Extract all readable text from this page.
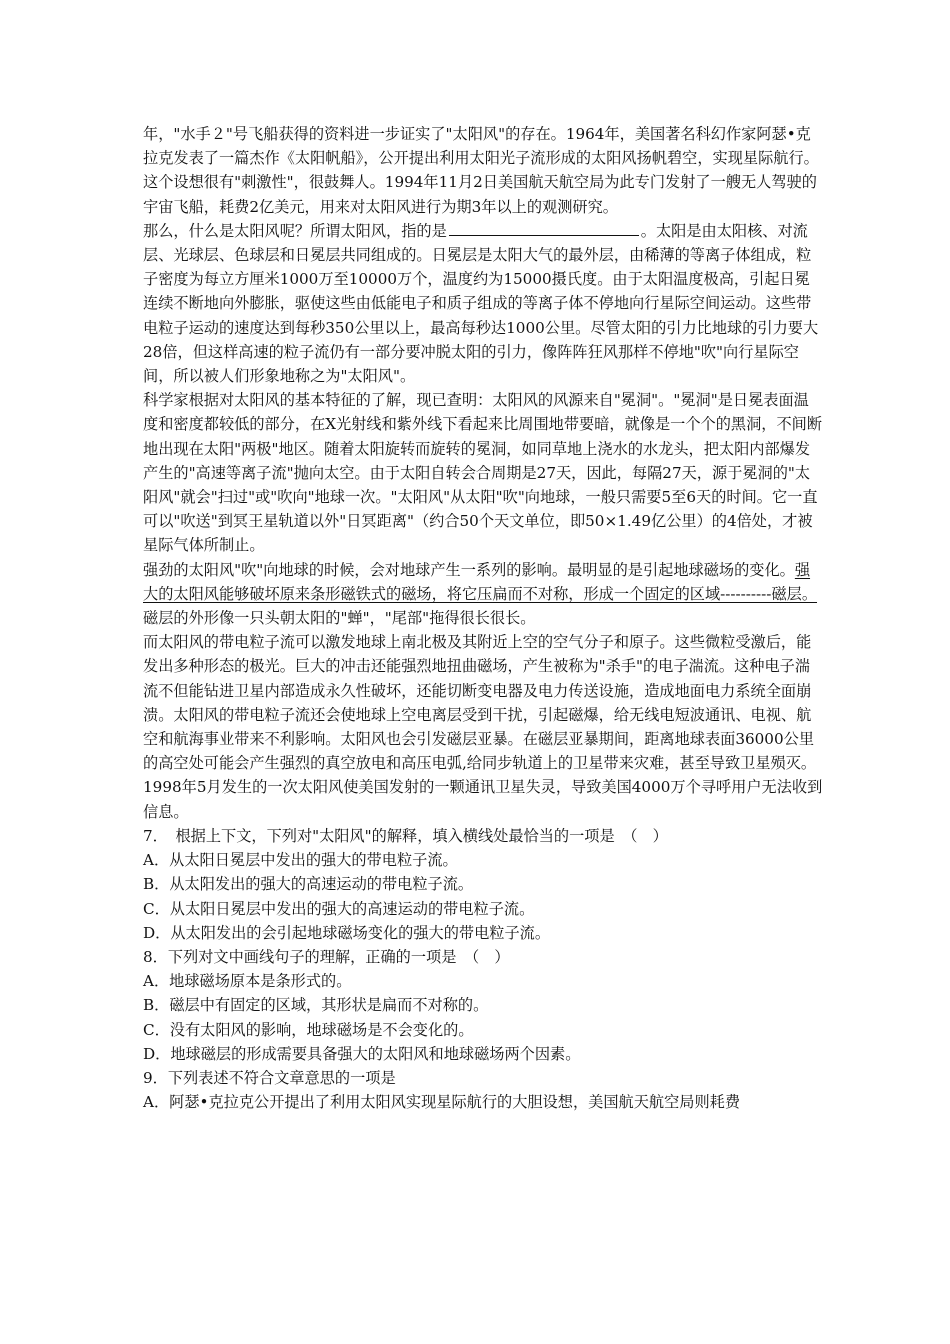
年，"水手２"号飞船获得的资料进一步证实了"太阳风"的存在。1964年，美国著名科幻作家阿瑟•克拉克发表了一篇杰作《太阳帆船》，公开提出利用太阳光子流形成的太阳风扬帆碧空，实现星际航行。这个设想很有"刺激性"，很鼓舞人。1994年11月2日美国航天航空局为此专门发射了一艘无人驾驶的宇宙飞船，耗费2亿美元，用来对太阳风进行为期3年以上的观测研究。

那么，什么是太阳风呢？所谓太阳风，指的是	。太阳是由太阳核、对流层、光球层、色球层和日冕层共同组成的。日冕层是太阳大气的最外层，由稀薄的等离子体组成，粒子密度为每立方厘米1000万至10000万个，温度约为15000摄氏度。由于太阳温度极高，引起日冕连续不断地向外膨胀，驱使这些由低能电子和质子组成的等离子体不停地向行星际空间运动。这些带电粒子运动的速度达到每秒350公里以上，最高每秒达1000公里。尽管太阳的引力比地球的引力要大28倍，但这样高速的粒子流仍有一部分要冲脱太阳的引力，像阵阵狂风那样不停地"吹"向行星际空间，所以被人们形象地称之为"太阳风"。

科学家根据对太阳风的基本特征的了解，现已查明：太阳风的风源来自"冕洞"。"冕洞"是日冕表面温度和密度都较低的部分，在X光射线和紫外线下看起来比周围地带要暗，就像是一个个的黑洞，不间断地出现在太阳"两极"地区。随着太阳旋转而旋转的冕洞，如同草地上浇水的水龙头，把太阳内部爆发产生的"高速等离子流"抛向太空。由于太阳自转会合周期是27天，因此，每隔27天，源于冕洞的"太阳风"就会"扫过"或"吹向"地球一次。"太阳风"从太阳"吹"向地球，一般只需要5至6天的时间。它一直可以"吹送"到冥王星轨道以外"日冥距离"（约合50个天文单位，即50×1.49亿公里）的4倍处，才被星际气体所制止。

强劲的太阳风"吹"向地球的时候，会对地球产生一系列的影响。最明显的是引起地球磁场的变化。强大的太阳风能够破坏原来条形磁铁式的磁场，将它压扁而不对称，形成一个固定的区域----------磁层。磁层的外形像一只头朝太阳的"蝉"，"尾部"拖得很长很长。

而太阳风的带电粒子流可以激发地球上南北极及其附近上空的空气分子和原子。这些微粒受激后，能发出多种形态的极光。巨大的冲击还能强烈地扭曲磁场，产生被称为"杀手"的电子湍流。这种电子湍流不但能钻进卫星内部造成永久性破坏，还能切断变电器及电力传送设施，造成地面电力系统全面崩溃。太阳风的带电粒子流还会使地球上空电离层受到干扰，引起磁爆，给无线电短波通讯、电视、航空和航海事业带来不利影响。太阳风也会引发磁层亚暴。在磁层亚暴期间，距离地球表面36000公里的高空处可能会产生强烈的真空放电和高压电弧,给同步轨道上的卫星带来灾难，甚至导致卫星殒灭。1998年5月发生的一次太阳风使美国发射的一颗通讯卫星失灵，导致美国4000万个寻呼用户无法收到信息。

7．　根据上下文，下列对"太阳风"的解释，填入横线处最恰当的一项是　（　）

A．从太阳日冕层中发出的强大的带电粒子流。

B．从太阳发出的强大的高速运动的带电粒子流。

C．从太阳日冕层中发出的强大的高速运动的带电粒子流。

D．从太阳发出的会引起地球磁场变化的强大的带电粒子流。

8．下列对文中画线句子的理解，正确的一项是　（　）

A．地球磁场原本是条形式的。

B．磁层中有固定的区域，其形状是扁而不对称的。

C．没有太阳风的影响，地球磁场是不会变化的。

D．地球磁层的形成需要具备强大的太阳风和地球磁场两个因素。

9．下列表述不符合文章意思的一项是

A．阿瑟•克拉克公开提出了利用太阳风实现星际航行的大胆设想，美国航天航空局则耗费
